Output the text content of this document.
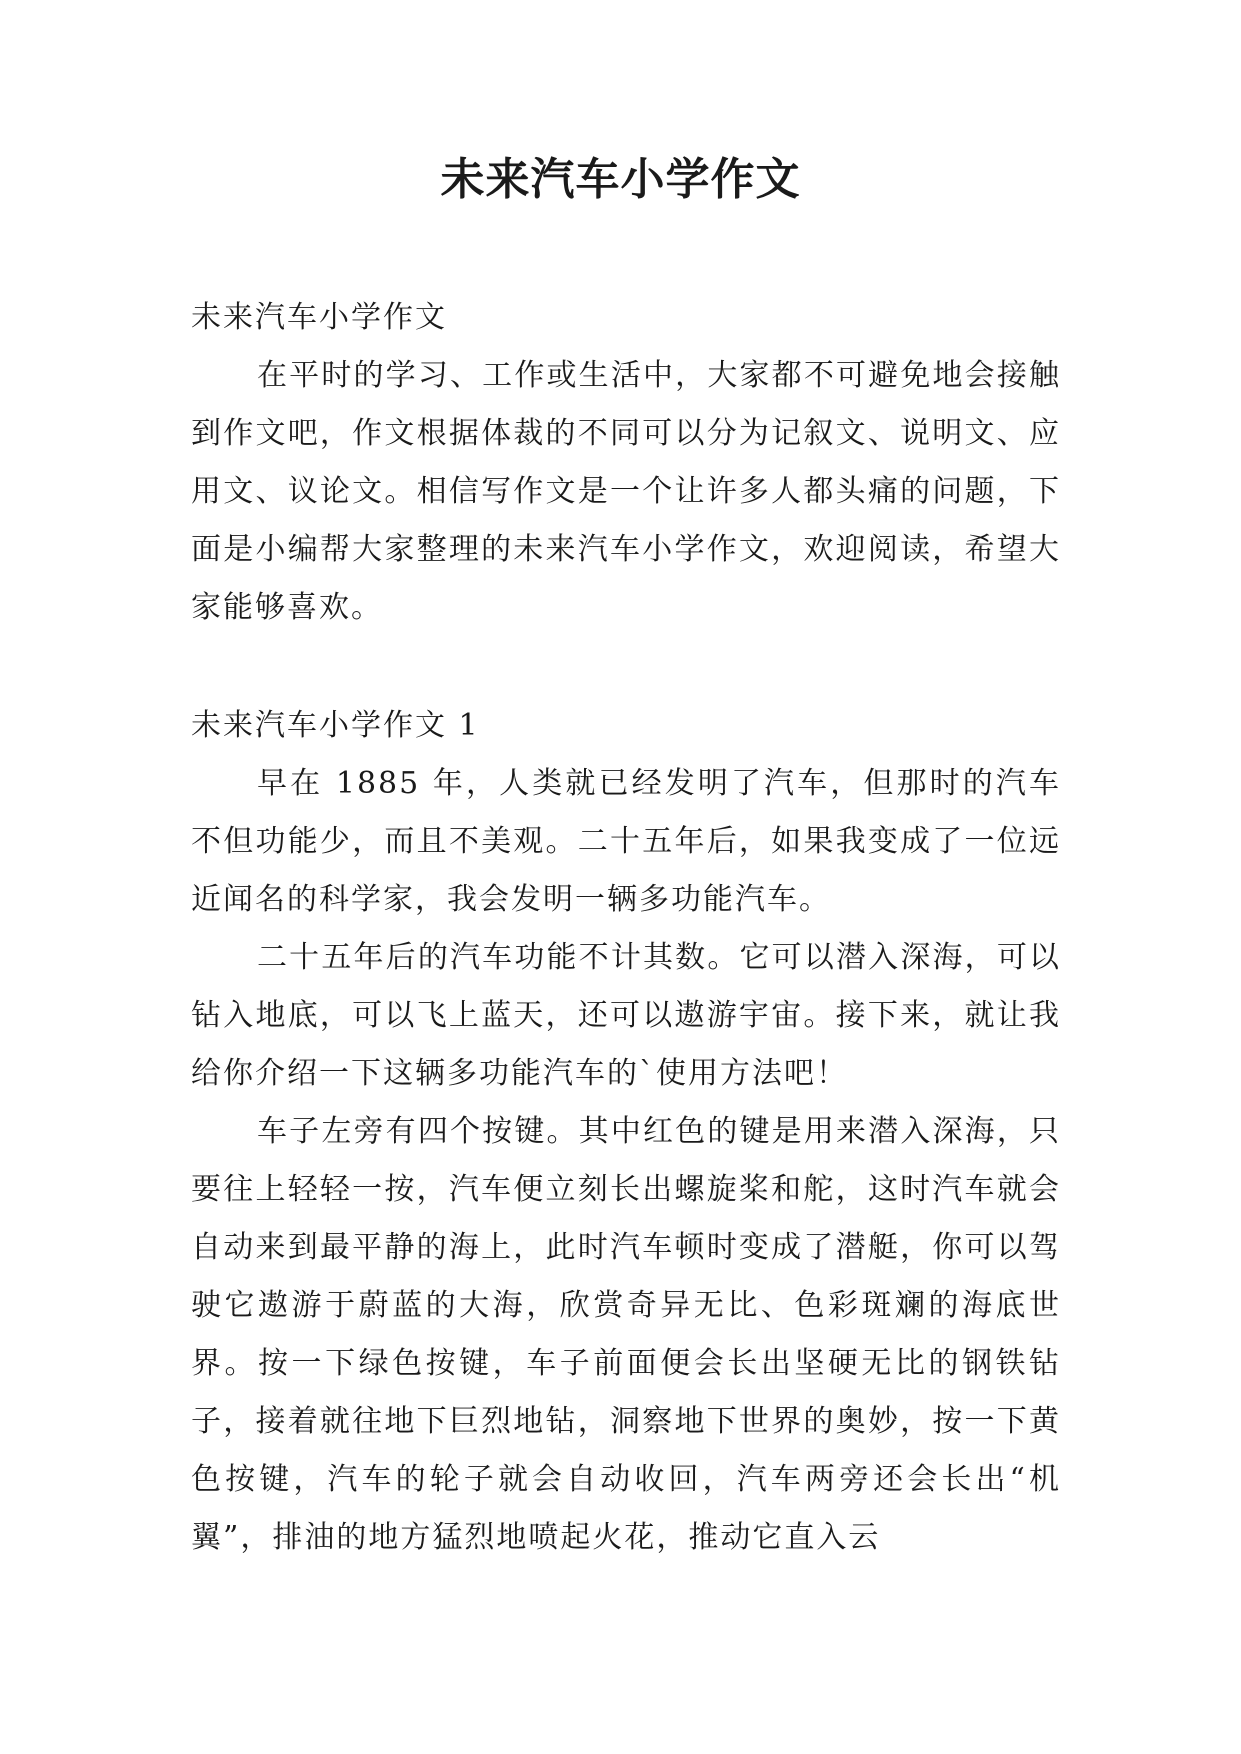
未来汽车小学作文

未来汽车小学作文

在平时的学习、工作或生活中，大家都不可避免地会接触到作文吧，作文根据体裁的不同可以分为记叙文、说明文、应用文、议论文。相信写作文是一个让许多人都头痛的问题，下面是小编帮大家整理的未来汽车小学作文，欢迎阅读，希望大家能够喜欢。

未来汽车小学作文 1

早在 1885 年，人类就已经发明了汽车，但那时的汽车不但功能少，而且不美观。二十五年后，如果我变成了一位远近闻名的科学家，我会发明一辆多功能汽车。

二十五年后的汽车功能不计其数。它可以潜入深海，可以钻入地底，可以飞上蓝天，还可以遨游宇宙。接下来，就让我给你介绍一下这辆多功能汽车的`使用方法吧！

车子左旁有四个按键。其中红色的键是用来潜入深海，只要往上轻轻一按，汽车便立刻长出螺旋桨和舵，这时汽车就会自动来到最平静的海上，此时汽车顿时变成了潜艇，你可以驾驶它遨游于蔚蓝的大海，欣赏奇异无比、色彩斑斓的海底世界。按一下绿色按键，车子前面便会长出坚硬无比的钢铁钻子，接着就往地下巨烈地钻，洞察地下世界的奥妙，按一下黄色按键，汽车的轮子就会自动收回，汽车两旁还会长出“机翼”，排油的地方猛烈地喷起火花，推动它直入云
